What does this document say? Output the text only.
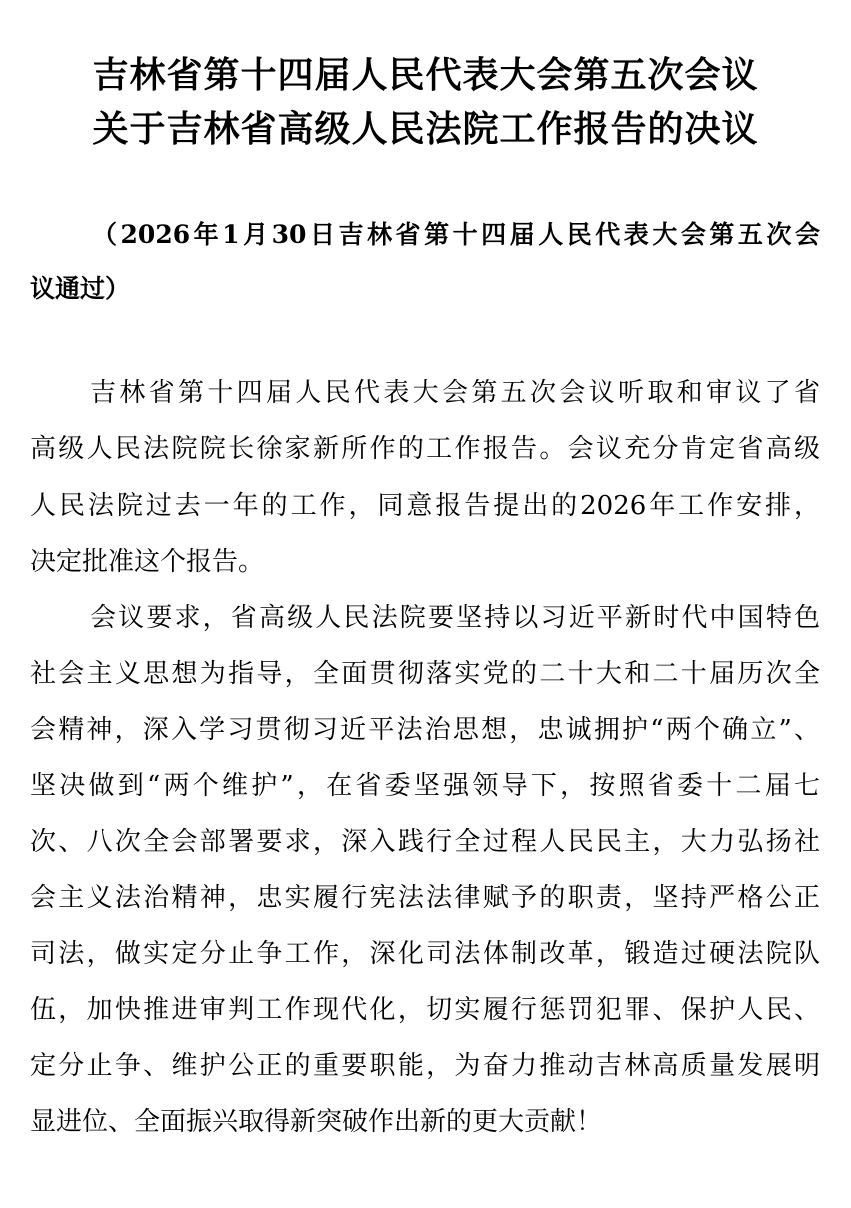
吉林省第十四届人民代表大会第五次会议
关于吉林省高级人民法院工作报告的决议
（2026年1月30日吉林省第十四届人民代表大会第五次会
议通过）
吉林省第十四届人民代表大会第五次会议听取和审议了省
高级人民法院院长徐家新所作的工作报告。会议充分肯定省高级
人民法院过去一年的工作，同意报告提出的2026年工作安排，
决定批准这个报告。
会议要求，省高级人民法院要坚持以习近平新时代中国特色
社会主义思想为指导，全面贯彻落实党的二十大和二十届历次全
会精神，深入学习贯彻习近平法治思想，忠诚拥护“两个确立”、
坚决做到“两个维护”，在省委坚强领导下，按照省委十二届七
次、八次全会部署要求，深入践行全过程人民民主，大力弘扬社
会主义法治精神，忠实履行宪法法律赋予的职责，坚持严格公正
司法，做实定分止争工作，深化司法体制改革，锻造过硬法院队
伍，加快推进审判工作现代化，切实履行惩罚犯罪、保护人民、
定分止争、维护公正的重要职能，为奋力推动吉林高质量发展明
显进位、全面振兴取得新突破作出新的更大贡献！
